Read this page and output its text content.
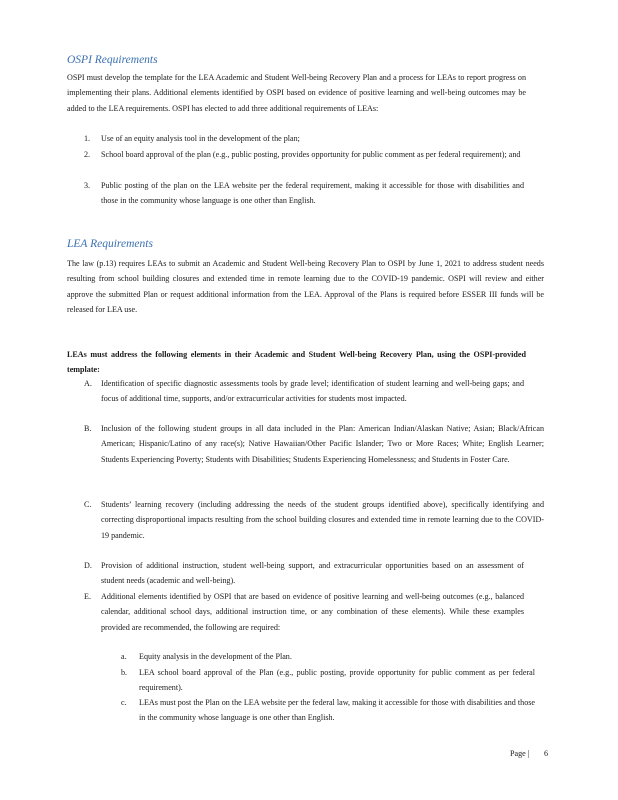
OSPI Requirements
OSPI must develop the template for the LEA Academic and Student Well-being Recovery Plan and a process for LEAs to report progress on implementing their plans. Additional elements identified by OSPI based on evidence of positive learning and well-being outcomes may be added to the LEA requirements. OSPI has elected to add three additional requirements of LEAs:
1. Use of an equity analysis tool in the development of the plan;
2. School board approval of the plan (e.g., public posting, provides opportunity for public comment as per federal requirement); and
3. Public posting of the plan on the LEA website per the federal requirement, making it accessible for those with disabilities and those in the community whose language is one other than English.
LEA Requirements
The law (p.13) requires LEAs to submit an Academic and Student Well-being Recovery Plan to OSPI by June 1, 2021 to address student needs resulting from school building closures and extended time in remote learning due to the COVID-19 pandemic. OSPI will review and either approve the submitted Plan or request additional information from the LEA. Approval of the Plans is required before ESSER III funds will be released for LEA use.
LEAs must address the following elements in their Academic and Student Well-being Recovery Plan, using the OSPI-provided template:
A. Identification of specific diagnostic assessments tools by grade level; identification of student learning and well-being gaps; and focus of additional time, supports, and/or extracurricular activities for students most impacted.
B. Inclusion of the following student groups in all data included in the Plan: American Indian/Alaskan Native; Asian; Black/African American; Hispanic/Latino of any race(s); Native Hawaiian/Other Pacific Islander; Two or More Races; White; English Learner; Students Experiencing Poverty; Students with Disabilities; Students Experiencing Homelessness; and Students in Foster Care.
C. Students’ learning recovery (including addressing the needs of the student groups identified above), specifically identifying and correcting disproportional impacts resulting from the school building closures and extended time in remote learning due to the COVID-19 pandemic.
D. Provision of additional instruction, student well-being support, and extracurricular opportunities based on an assessment of student needs (academic and well-being).
E. Additional elements identified by OSPI that are based on evidence of positive learning and well-being outcomes (e.g., balanced calendar, additional school days, additional instruction time, or any combination of these elements). While these examples provided are recommended, the following are required:
a. Equity analysis in the development of the Plan.
b. LEA school board approval of the Plan (e.g., public posting, provide opportunity for public comment as per federal requirement).
c. LEAs must post the Plan on the LEA website per the federal law, making it accessible for those with disabilities and those in the community whose language is one other than English.
Page | 6
